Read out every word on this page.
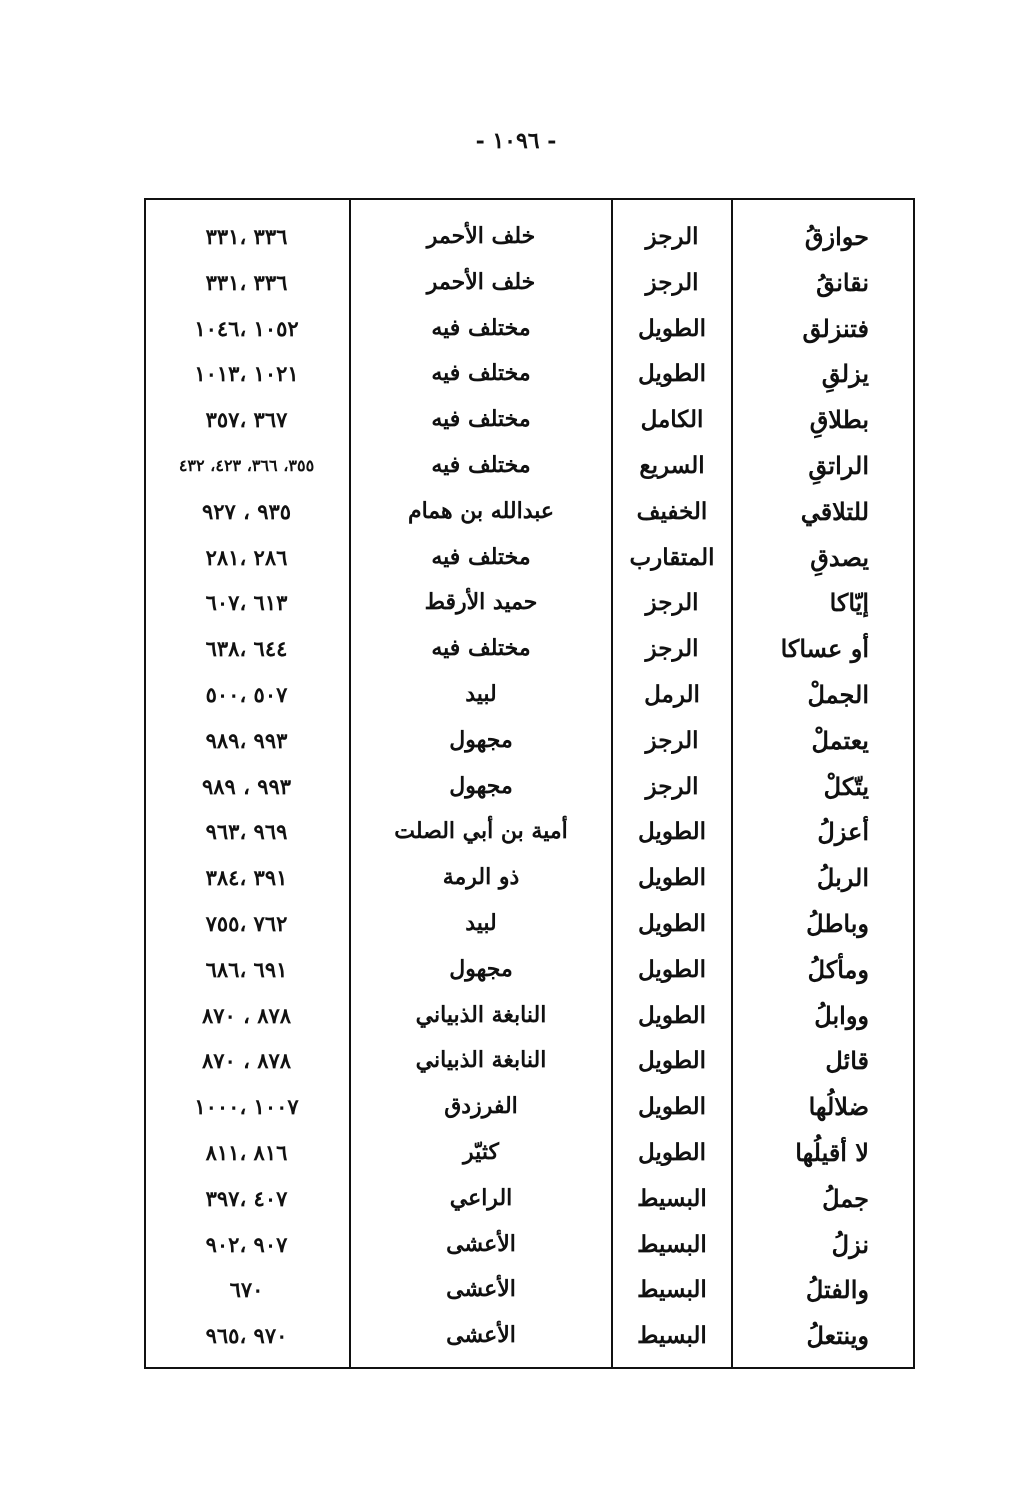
- ١٠٩٦ -
حوازقُ
الرجز
خلف الأحمر
٣٣٦ ،٣٣١
نقانقُ
الرجز
خلف الأحمر
٣٣٦ ،٣٣١
فتنزلق
الطويل
مختلف فيه
١٠٥٢ ،١٠٤٦
يزلقِ
الطويل
مختلف فيه
١٠٢١ ،١٠١٣
بطلاقِ
الكامل
مختلف فيه
٣٦٧ ،٣٥٧
الراتقِ
السريع
مختلف فيه
٣٥٥، ٣٦٦، ٤٢٣، ٤٣٢
للتلاقي
الخفيف
عبدالله بن همام
٩٣٥ ، ٩٢٧
يصدقِ
المتقارب
مختلف فيه
٢٨٦ ،٢٨١
إيّاكا
الرجز
حميد الأرقط
٦١٣ ،٦٠٧
أو عساكا
الرجز
مختلف فيه
٦٤٤ ،٦٣٨
الجملْ
الرمل
لبيد
٥٠٧ ،٥٠٠
يعتملْ
الرجز
مجهول
٩٩٣ ،٩٨٩
يتّكلْ
الرجز
مجهول
٩٩٣ ، ٩٨٩
أعزلُ
الطويل
أمية بن أبي الصلت
٩٦٩ ،٩٦٣
الربلُ
الطويل
ذو الرمة
٣٩١ ،٣٨٤
وباطلُ
الطويل
لبيد
٧٦٢ ،٧٥٥
ومأكلُ
الطويل
مجهول
٦٩١ ،٦٨٦
ووابلُ
الطويل
النابغة الذبياني
٨٧٨ ، ٨٧٠
قائل
الطويل
النابغة الذبياني
٨٧٨ ، ٨٧٠
ضلالُها
الطويل
الفرزدق
١٠٠٧ ،١٠٠٠
لا أقيلُها
الطويل
كثيّر
٨١٦ ،٨١١
جملُ
البسيط
الراعي
٤٠٧ ،٣٩٧
نزلُ
البسيط
الأعشى
٩٠٧ ،٩٠٢
والفتلُ
البسيط
الأعشى
٦٧٠
وينتعلُ
البسيط
الأعشى
٩٧٠ ،٩٦٥
